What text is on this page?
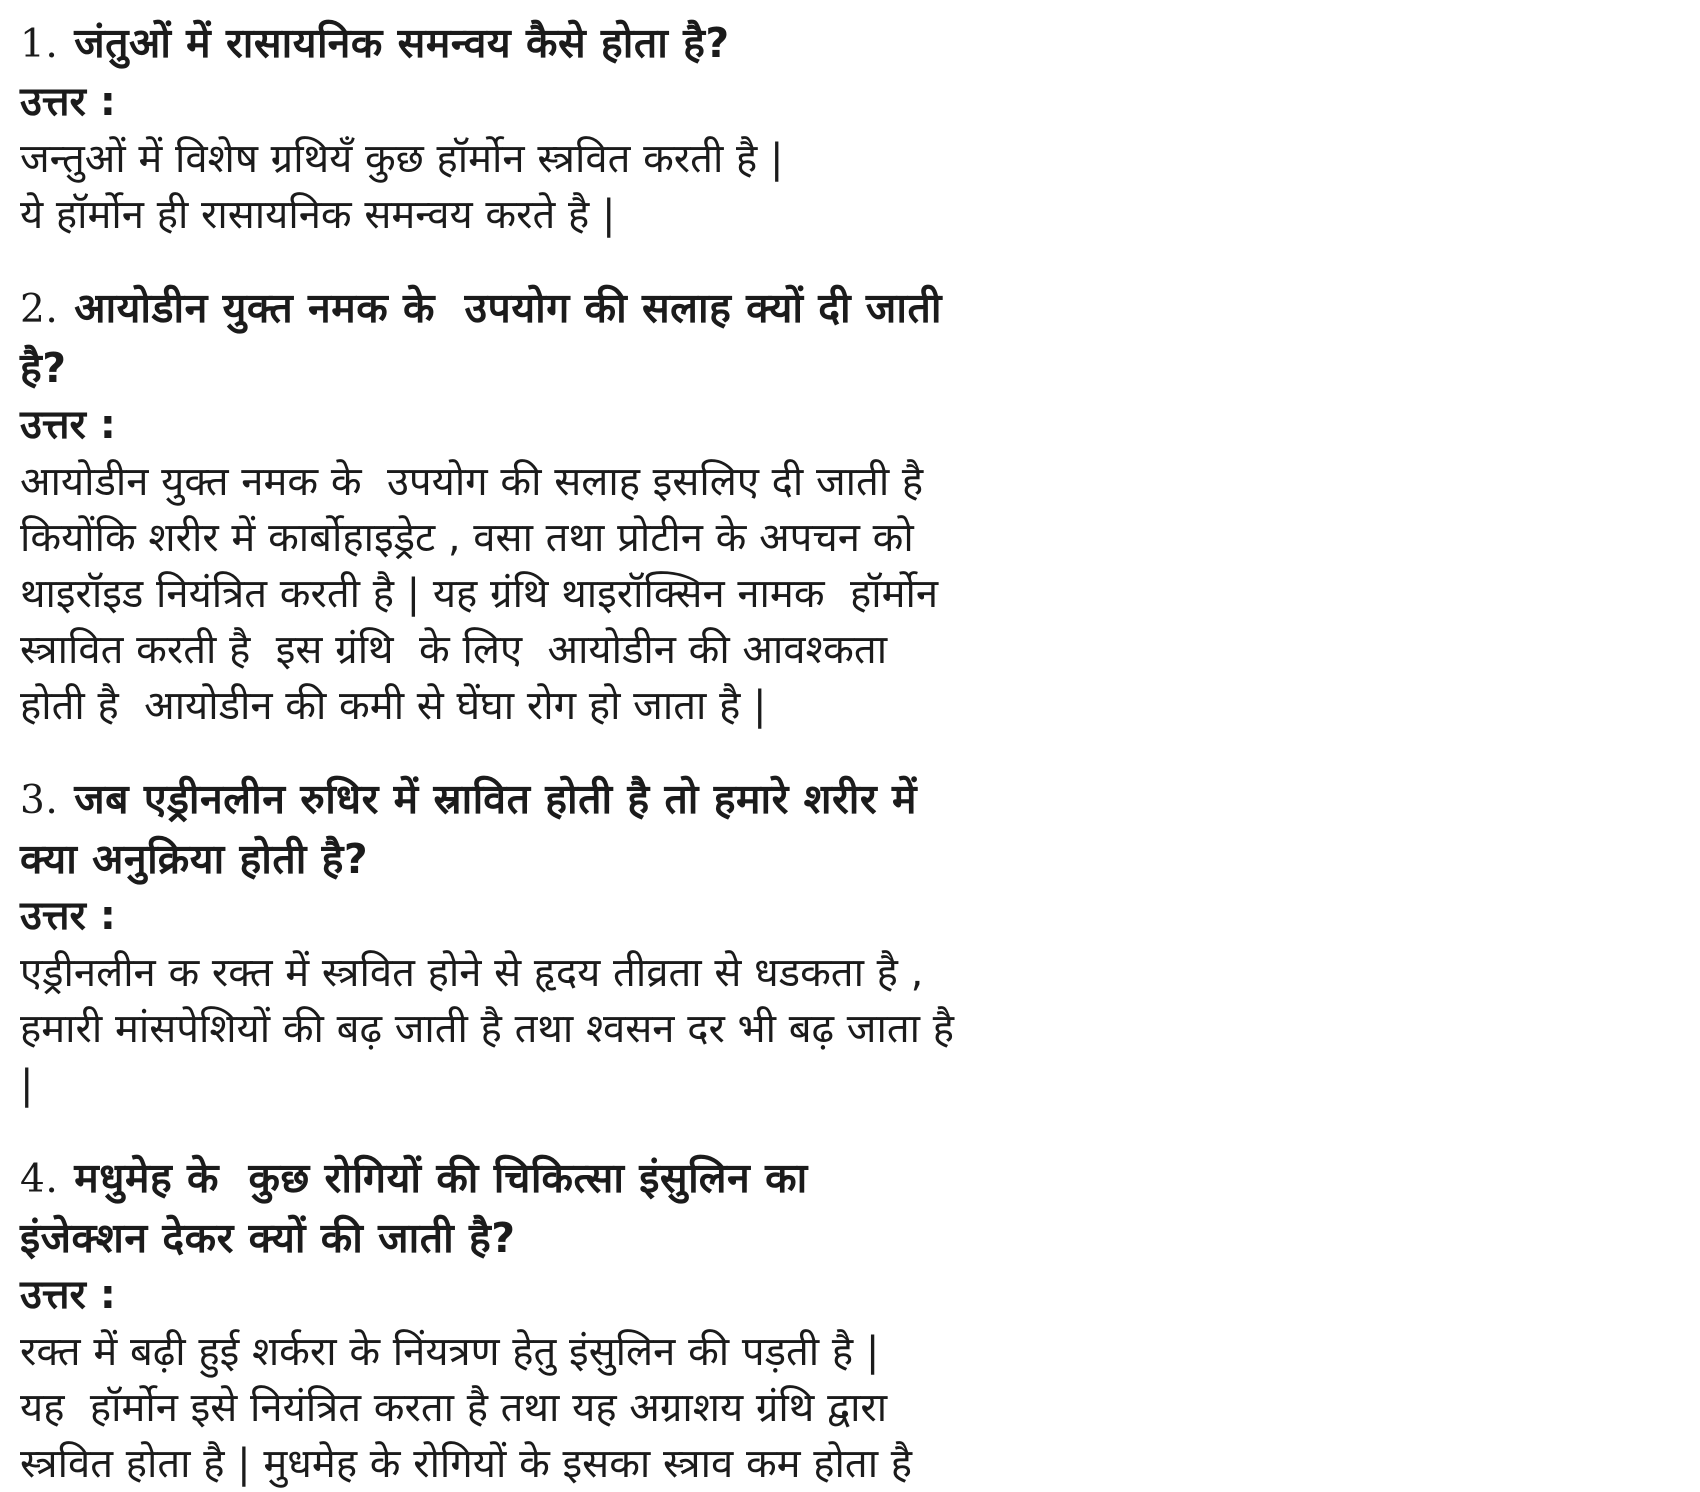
1. जंतुओं में रासायनिक समन्वय कैसे होता है?
उत्तर :
जन्तुओं में विशेष ग्रथियँ कुछ हॉर्मोन स्त्रवित करती है |
ये हॉर्मोन ही रासायनिक समन्वय करते है |
2. आयोडीन युक्त नमक के  उपयोग की सलाह क्यों दी जाती
है?
उत्तर :
आयोडीन युक्त नमक के  उपयोग की सलाह इसलिए दी जाती है
कियोंकि शरीर में कार्बोहाइड्रेट , वसा तथा प्रोटीन के अपचन को
थाइरॉइड नियंत्रित करती है | यह ग्रंथि थाइरॉक्सिन नामक  हॉर्मोन
स्त्रावित करती है  इस ग्रंथि  के लिए  आयोडीन की आवश्कता
होती है  आयोडीन की कमी से घेंघा रोग हो जाता है |
3. जब एड्रीनलीन रुधिर में स्रावित होती है तो हमारे शरीर में
क्या अनुक्रिया होती है?
उत्तर :
एड्रीनलीन क रक्त में स्त्रवित होने से हृदय तीव्रता से धडकता है ,
हमारी मांसपेशियों की बढ़ जाती है तथा श्वसन दर भी बढ़ जाता है
|
4. मधुमेह के  कुछ रोगियों की चिकित्सा इंसुलिन का
इंजेक्शन देकर क्यों की जाती है?
उत्तर :
रक्त में बढ़ी हुई शर्करा के निंयत्रण हेतु इंसुलिन की पड़ती है |
यह  हॉर्मोन इसे नियंत्रित करता है तथा यह अग्राशय ग्रंथि द्वारा
स्त्रवित होता है | मुधमेह के रोगियों के इसका स्त्राव कम होता है
